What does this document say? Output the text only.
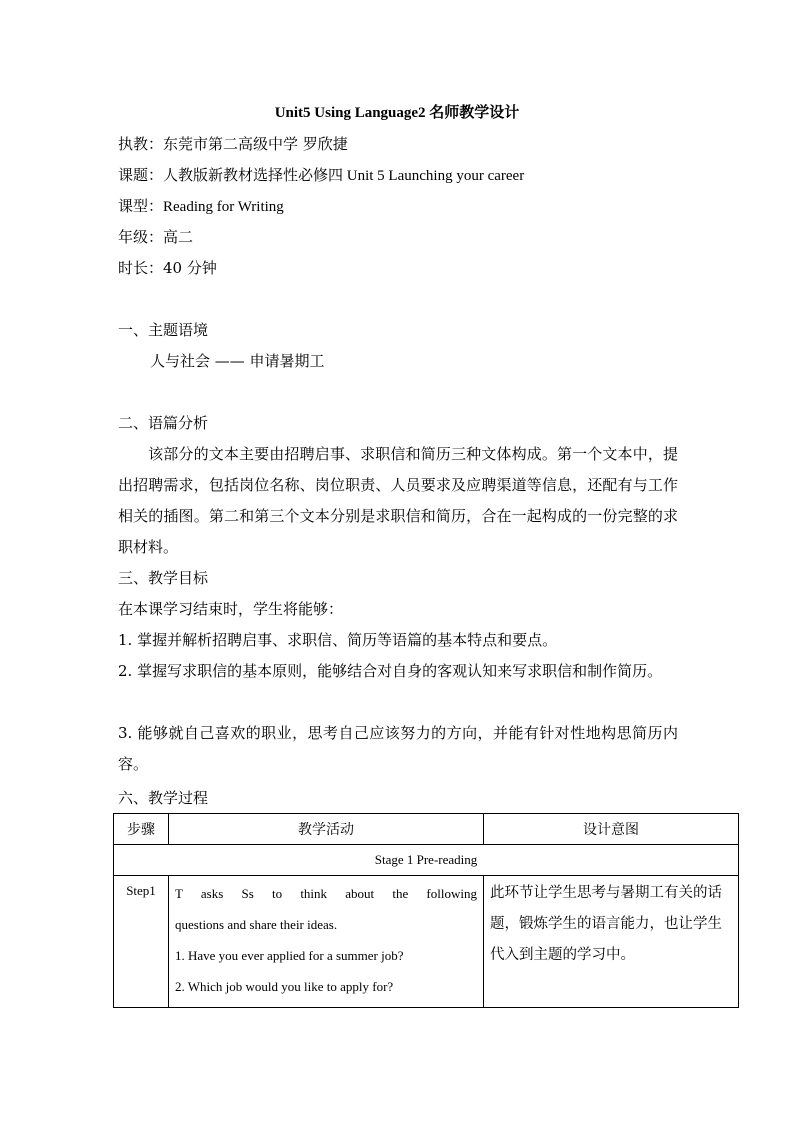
Unit5 Using Language2 名师教学设计
执教：东莞市第二高级中学 罗欣捷
课题：人教版新教材选择性必修四 Unit 5 Launching your career
课型：Reading for Writing
年级：高二
时长：40 分钟
一、主题语境
人与社会 —— 申请暑期工
二、语篇分析
该部分的文本主要由招聘启事、求职信和简历三种文体构成。第一个文本中，提出招聘需求，包括岗位名称、岗位职责、人员要求及应聘渠道等信息，还配有与工作相关的插图。第二和第三个文本分别是求职信和简历，合在一起构成的一份完整的求职材料。
三、教学目标
在本课学习结束时，学生将能够：
1. 掌握并解析招聘启事、求职信、简历等语篇的基本特点和要点。
2. 掌握写求职信的基本原则，能够结合对自身的客观认知来写求职信和制作简历。
3. 能够就自己喜欢的职业，思考自己应该努力的方向，并能有针对性地构思简历内容。
六、教学过程
步骤	教学活动	设计意图
Stage 1 Pre-reading		
Step1	T asks Ss to think about the following
questions and share their ideas.
1. Have you ever applied for a summer job?
2. Which job would you like to apply for?	此环节让学生思考与暑期工有关的话题，锻炼学生的语言能力，也让学生代入到主题的学习中。
